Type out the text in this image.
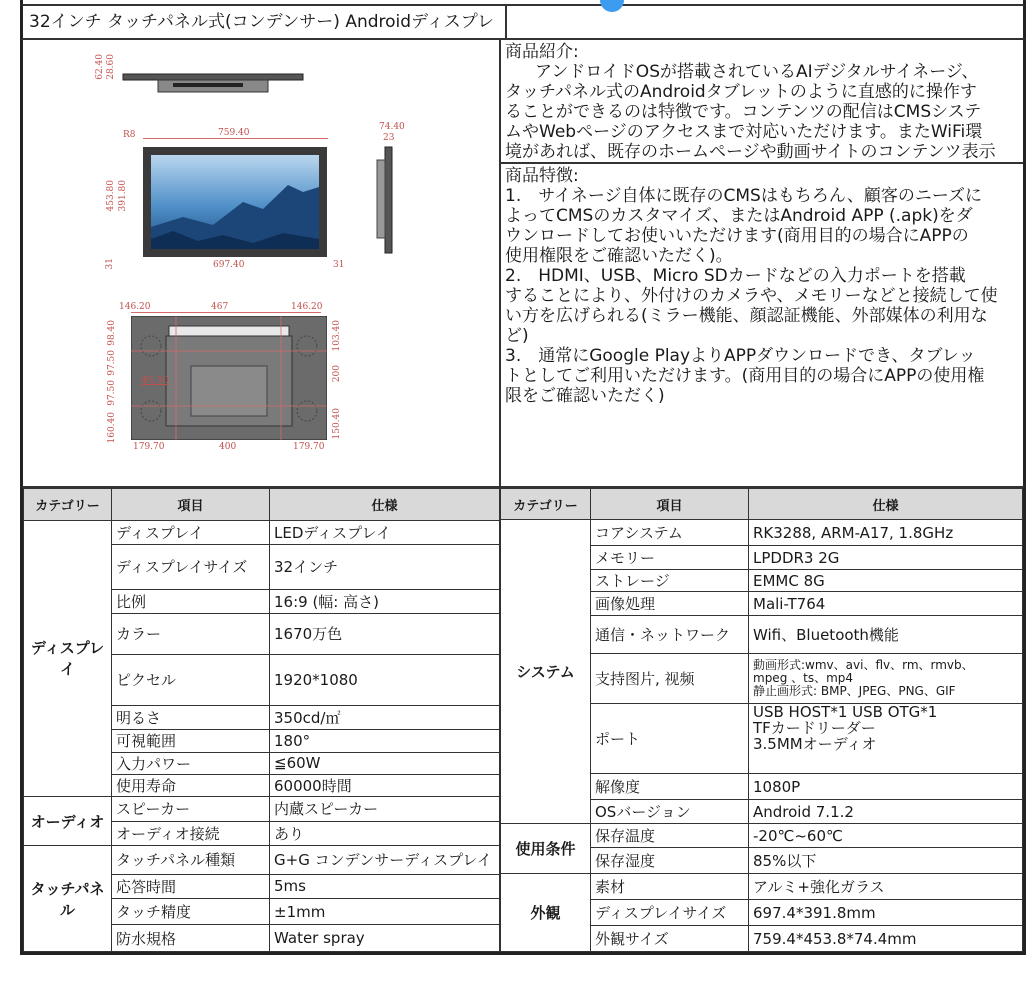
32インチ タッチパネル式(コンデンサー) Androidディスプレ
62.40 28.60
R8	759.40
453.80 391.80
697.40
31	31
74.40
23
146.20	467	146.20
98.40
97.50
97.50
160.40
103.40
200
150.40
Φ5.50
179.70	400	179.70
商品紹介:
アンドロイドOSが搭載されているAIデジタルサイネージ、
タッチパネル式のAndroidタブレットのように直感的に操作す
ることができるのは特徴です。コンテンツの配信はCMSシステ
ムやWebページのアクセスまで対応いただけます。またWiFi環
境があれば、既存のホームページや動画サイトのコンテンツ表示
商品特徴:
1.　サイネージ自体に既存のCMSはもちろん、顧客のニーズに
よってCMSのカスタマイズ、またはAndroid APP (.apk)をダ
ウンロードしてお使いいただけます(商用目的の場合にAPPの
使用権限をご確認いただく)。
2.　HDMI、USB、Micro SDカードなどの入力ポートを搭載
することにより、外付けのカメラや、メモリーなどと接続して使
い方を広げられる(ミラー機能、顔認証機能、外部媒体の利用な
ど)
3.　通常にGoogle PlayよりAPPダウンロードでき、タブレッ
トとしてご利用いただけます。(商用目的の場合にAPPの使用権
限をご確認いただく)
カテゴリー	項目	仕様
ディスプレイ	ディスプレイ	LEDディスプレイ
	ディスプレイサイズ	32インチ
	比例	16:9 (幅: 高さ)
	カラー	1670万色
	ピクセル	1920*1080
	明るさ	350cd/㎡
	可視範囲	180°
	入力パワー	≦60W
	使用寿命	60000時間
オーディオ	スピーカー	内蔵スピーカー
	オーディオ接続	あり
タッチパネル	タッチパネル種類	G+G コンデンサーディスプレイ
	応答時間	5ms
	タッチ精度	±1mm
	防水規格	Water spray
カテゴリー	項目	仕様
システム	コアシステム	RK3288, ARM-A17, 1.8GHz
	メモリー	LPDDR3 2G
	ストレージ	EMMC 8G
	画像処理	Mali-T764
	通信・ネットワーク	Wifi、Bluetooth機能
	支持图片, 视频	動画形式:wmv、avi、flv、rm、rmvb、
mpeg 、ts、mp4
静止画形式: BMP、JPEG、PNG、GIF

	ポート	USB HOST*1 USB OTG*1
TFカードリーダー
3.5MMオーディオ

	解像度	1080P
	OSバージョン	Android 7.1.2
使用条件	保存温度	-20℃~60℃
	保存湿度	85%以下
外観	素材	アルミ+強化ガラス
	ディスプレイサイズ	697.4*391.8mm
	外観サイズ	759.4*453.8*74.4mm
